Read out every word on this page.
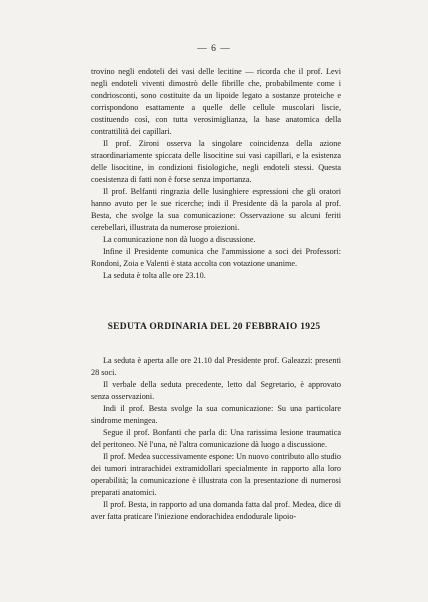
— 6 —

trovino negli endoteli dei vasi delle lecitine — ricorda che il prof. Levi negli endoteli viventi dimostrò delle fibrille che, probabilmente come i condriosconti, sono costituite da un lipoide legato a sostanze proteiche e corrispondono esattamente a quelle delle cellule muscolari liscie, costituendo così, con tutta verosimiglianza, la base anatomica della contrattilità dei capillari.

Il prof. Zironi osserva la singolare coincidenza della azione straordinariamente spiccata delle lisocitine sui vasi capillari, e la esistenza delle lisocitine, in condizioni fisiologiche, negli endoteli stessi. Questa coesistenza di fatti non è forse senza importanza.

Il prof. Belfanti ringrazia delle lusinghiere espressioni che gli oratori hanno avuto per le sue ricerche; indi il Presidente dà la parola al prof. Besta, che svolge la sua comunicazione: Osservazione su alcuni feriti cerebellari, illustrata da numerose proiezioni.

La comunicazione non dà luogo a discussione.

Infine il Presidente comunica che l'ammissione a soci dei Professori: Rondoni, Zoia e Valenti è stata accolta con votazione unanime.

La seduta è tolta alle ore 23.10.

SEDUTA ORDINARIA DEL 20 FEBBRAIO 1925

La seduta è aperta alle ore 21.10 dal Presidente prof. Galeazzi: presenti 28 soci.

Il verbale della seduta precedente, letto dal Segretario, è approvato senza osservazioni.

Indi il prof. Besta svolge la sua comunicazione: Su una particolare sindrome meningea.

Segue il prof. Bonfanti che parla di: Una rarissima lesione traumatica del peritoneo. Nè l'una, nè l'altra comunicazione dà luogo a discussione.

Il prof. Medea successivamente espone: Un nuovo contributo allo studio dei tumori intrarachidei extramidollari specialmente in rapporto alla loro operabilità; la comunicazione è illustrata con la presentazione di numerosi preparati anatomici.

Il prof. Besta, in rapporto ad una domanda fatta dal prof. Medea, dice di aver fatta praticare l'iniezione endorachidea endodurale lipoio-
